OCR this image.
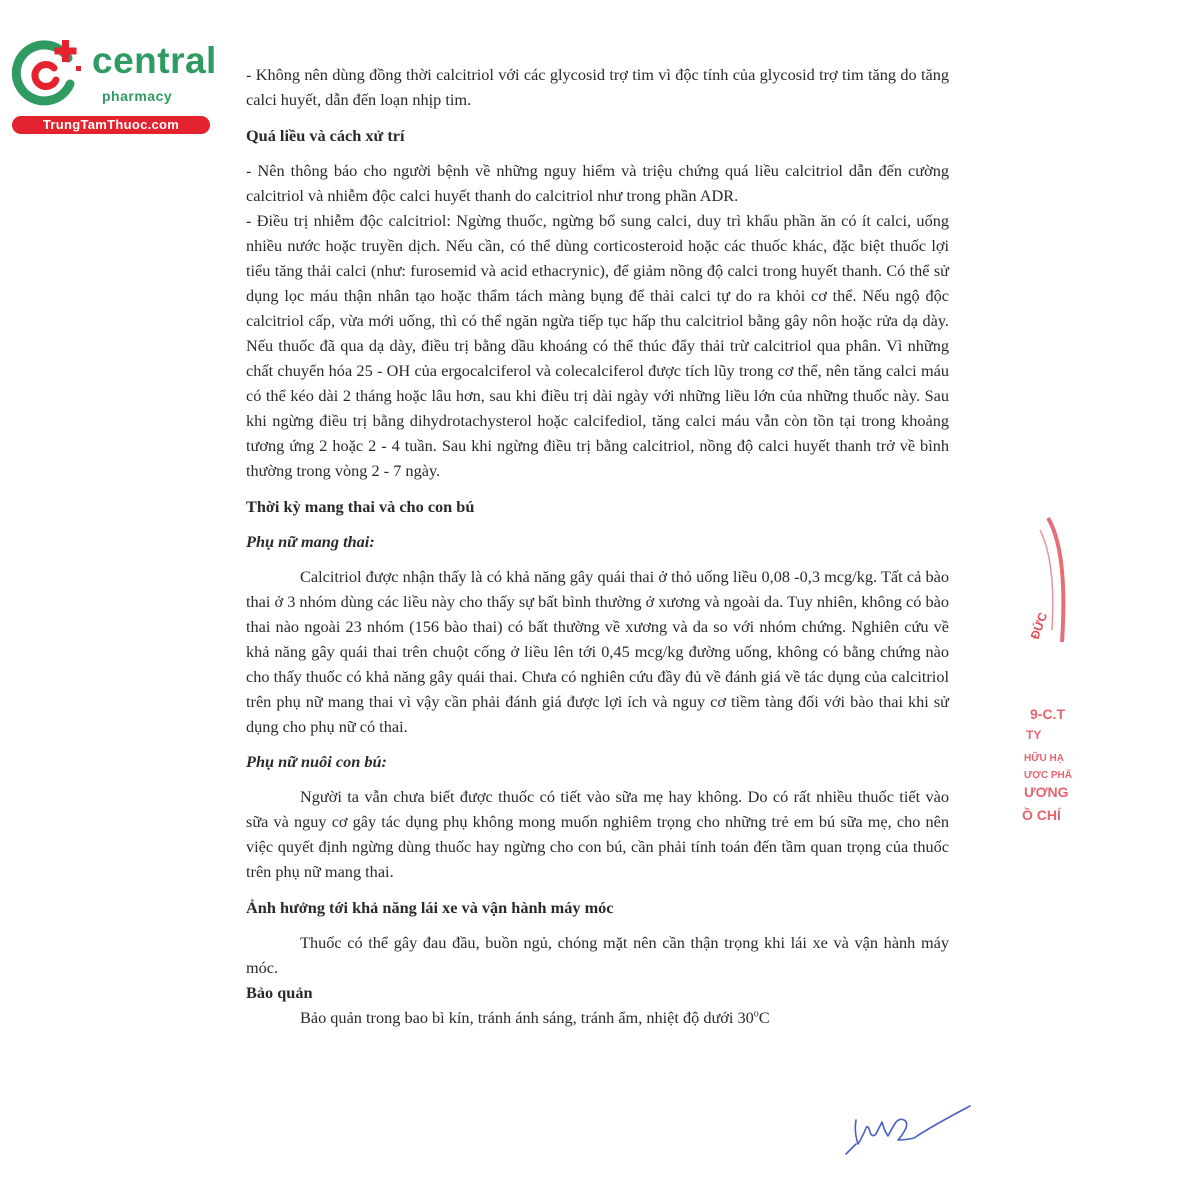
central
pharmacy
TrungTamThuoc.com

- Không nên dùng đồng thời calcitriol với các glycosid trợ tim vì độc tính của glycosid trợ tim tăng do tăng calci huyết, dẫn đến loạn nhịp tim.

Quá liều và cách xử trí

- Nên thông báo cho người bệnh về những nguy hiểm và triệu chứng quá liều calcitriol dẫn đến cường calcitriol và nhiễm độc calci huyết thanh do calcitriol như trong phần ADR.

- Điều trị nhiễm độc calcitriol: Ngừng thuốc, ngừng bổ sung calci, duy trì khẩu phần ăn có ít calci, uống nhiều nước hoặc truyền dịch. Nếu cần, có thể dùng corticosteroid hoặc các thuốc khác, đặc biệt thuốc lợi tiểu tăng thải calci (như: furosemid và acid ethacrynic), để giảm nồng độ calci trong huyết thanh. Có thể sử dụng lọc máu thận nhân tạo hoặc thẩm tách màng bụng để thải calci tự do ra khỏi cơ thể. Nếu ngộ độc calcitriol cấp, vừa mới uống, thì có thể ngăn ngừa tiếp tục hấp thu calcitriol bằng gây nôn hoặc rửa dạ dày. Nếu thuốc đã qua dạ dày, điều trị bằng dầu khoáng có thể thúc đẩy thải trừ calcitriol qua phân. Vì những chất chuyển hóa 25 - OH của ergocalciferol và colecalciferol được tích lũy trong cơ thể, nên tăng calci máu có thể kéo dài 2 tháng hoặc lâu hơn, sau khi điều trị dài ngày với những liều lớn của những thuốc này. Sau khi ngừng điều trị bằng dihydrotachysterol hoặc calcifediol, tăng calci máu vẫn còn tồn tại trong khoảng tương ứng 2 hoặc 2 - 4 tuần. Sau khi ngừng điều trị bằng calcitriol, nồng độ calci huyết thanh trở về bình thường trong vòng 2 - 7 ngày.

Thời kỳ mang thai và cho con bú
Phụ nữ mang thai:

Calcitriol được nhận thấy là có khả năng gây quái thai ở thỏ uống liều 0,08 -0,3 mcg/kg. Tất cả bào thai ở 3 nhóm dùng các liều này cho thấy sự bất bình thường ở xương và ngoài da. Tuy nhiên, không có bào thai nào ngoài 23 nhóm (156 bào thai) có bất thường về xương và da so với nhóm chứng. Nghiên cứu về khả năng gây quái thai trên chuột cống ở liều lên tới 0,45 mcg/kg đường uống, không có bằng chứng nào cho thấy thuốc có khả năng gây quái thai. Chưa có nghiên cứu đầy đủ về đánh giá về tác dụng của calcitriol trên phụ nữ mang thai vì vậy cần phải đánh giá được lợi ích và nguy cơ tiềm tàng đối với bào thai khi sử dụng cho phụ nữ có thai.

Phụ nữ nuôi con bú:

Người ta vẫn chưa biết được thuốc có tiết vào sữa mẹ hay không. Do có rất nhiều thuốc tiết vào sữa và nguy cơ gây tác dụng phụ không mong muốn nghiêm trọng cho những trẻ em bú sữa mẹ, cho nên việc quyết định ngừng dùng thuốc hay ngừng cho con bú, cần phải tính toán đến tầm quan trọng của thuốc trên phụ nữ mang thai.

Ảnh hưởng tới khả năng lái xe và vận hành máy móc

Thuốc có thể gây đau đầu, buồn ngủ, chóng mặt nên cần thận trọng khi lái xe và vận hành máy móc.

Bảo quản

Bảo quản trong bao bì kín, tránh ánh sáng, tránh ẩm, nhiệt độ dưới 30$^o$C

ĐỨC
9-C.T
TY
HỮU HẠ
ƯỢC PHẨ
ƯƠNG
Ồ CHÍ
